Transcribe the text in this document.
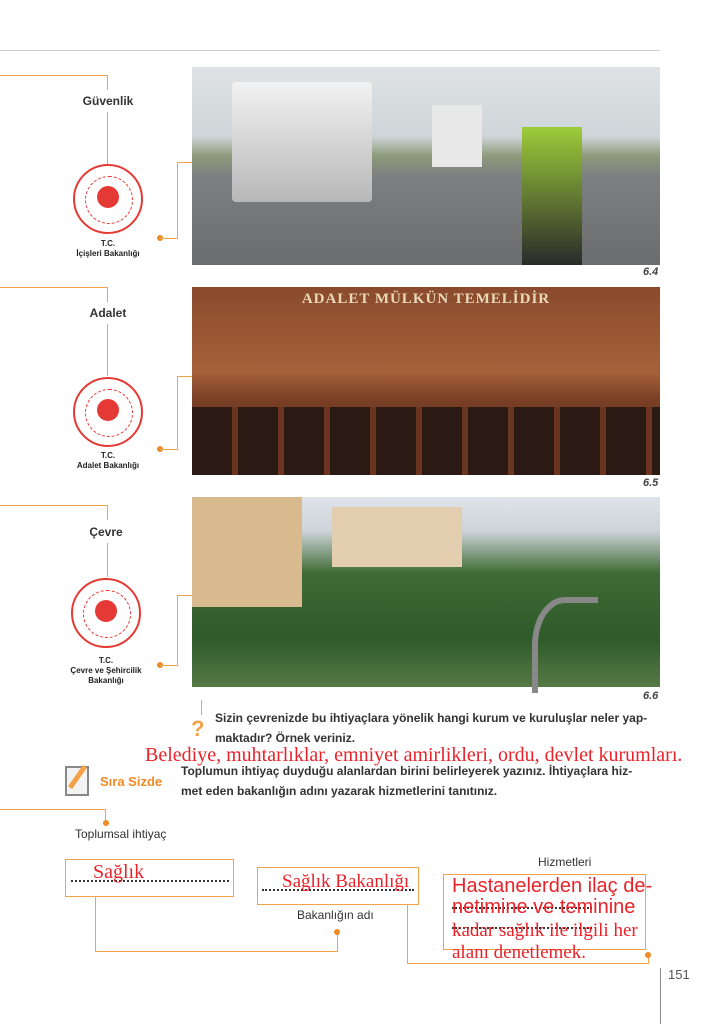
Güvenlik
T.C.
İçişleri Bakanlığı
6.4
Adalet
T.C.
Adalet Bakanlığı
ADALET MÜLKÜN TEMELİDİR
6.5
Çevre
T.C.
Çevre ve Şehircilik Bakanlığı
6.6
? Sizin çevrenizde bu ihtiyaçlara yönelik hangi kurum ve kuruluşlar neler yap-
maktadır? Örnek veriniz.
Belediye, muhtarlıklar, emniyet amirlikleri, ordu, devlet kurumları.
Sıra Sizde
Toplumun ihtiyaç duyduğu alanlardan birini belirleyerek yazınız. İhtiyaçlara hiz-
met eden bakanlığın adını yazarak hizmetlerini tanıtınız.
Toplumsal ihtiyaç
Sağlık	Sağlık Bakanlığı
Bakanlığın adı
Hizmetleri
Hastanelerden ilaç de-netimine ve teminine
kadar sağlık ile ilgili her alanı denetlemek.
151
